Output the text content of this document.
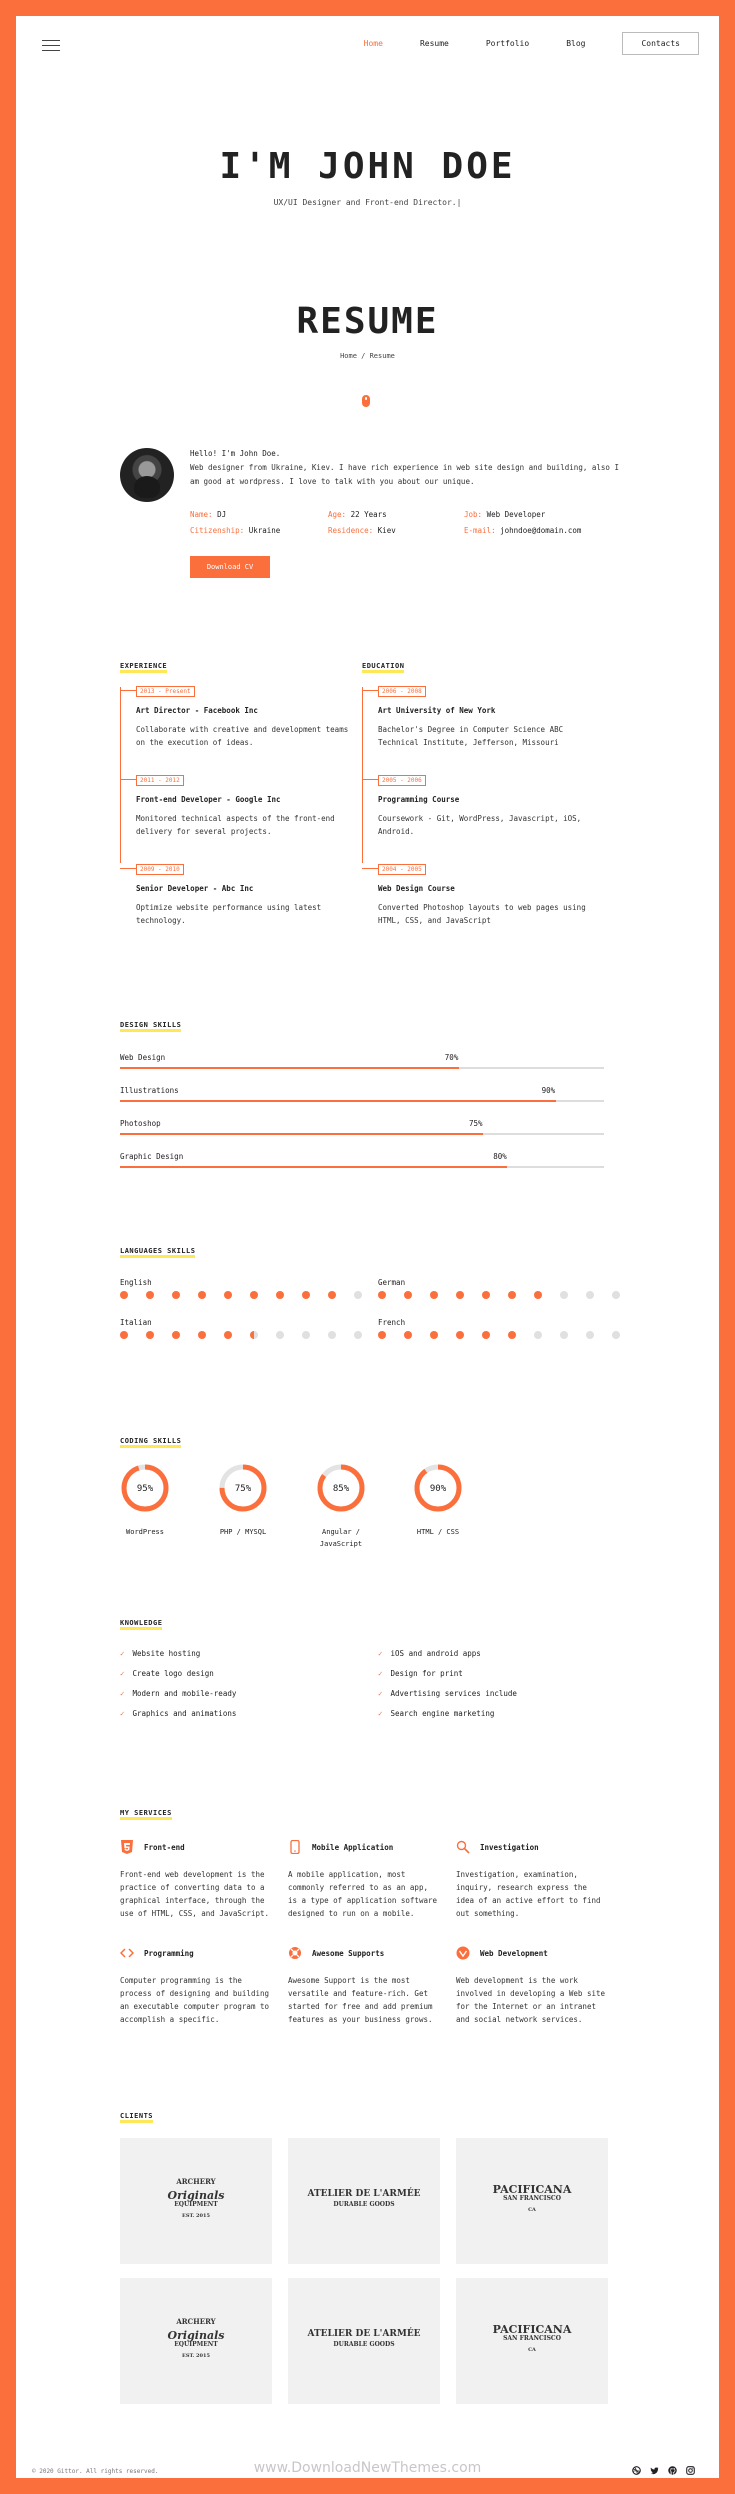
Home	Resume	Portfolio	Blog	Contacts
I'M JOHN DOE
UX/UI Designer and Front-end Director.|
RESUME
Home / Resume
Hello! I'm John Doe.
Web designer from Ukraine, Kiev. I have rich experience in web site design and building, also I am good at wordpress. I love to talk with you about our unique.
Name: DJ	Age: 22 Years	Job: Web Developer
Citizenship: Ukraine	Residence: Kiev	E-mail: johndoe@domain.com
Download CV
EXPERIENCE
2013 - Present
Art Director - Facebook Inc
Collaborate with creative and development teams on the execution of ideas.
2011 - 2012
Front-end Developer - Google Inc
Monitored technical aspects of the front-end delivery for several projects.
2009 - 2010
Senior Developer - Abc Inc
Optimize website performance using latest technology.
EDUCATION
2006 - 2008
Art University of New York
Bachelor's Degree in Computer Science ABC Technical Institute, Jefferson, Missouri
2005 - 2006
Programming Course
Coursework - Git, WordPress, Javascript, iOS, Android.
2004 - 2005
Web Design Course
Converted Photoshop layouts to web pages using HTML, CSS, and JavaScript
DESIGN SKILLS
Web Design	70%
Illustrations	90%
Photoshop	75%
Graphic Design	80%
LANGUAGES SKILLS
English	German
Italian	French
CODING SKILLS
95%
WordPress
75%
PHP / MYSQL
85%
Angular / JavaScript
90%
HTML / CSS
KNOWLEDGE
✓ Website hosting
✓ Create logo design
✓ Modern and mobile-ready
✓ Graphics and animations
✓ iOS and android apps
✓ Design for print
✓ Advertising services include
✓ Search engine marketing
MY SERVICES
Front-end
Front-end web development is the practice of converting data to a graphical interface, through the use of HTML, CSS, and JavaScript.
Mobile Application
A mobile application, most commonly referred to as an app, is a type of application software designed to run on a mobile.
Investigation
Investigation, examination, inquiry, research express the idea of an active effort to find out something.
Programming
Computer programming is the process of designing and building an executable computer program to accomplish a specific.
Awesome Supports
Awesome Support is the most versatile and feature-rich. Get started for free and add premium features as your business grows.
Web Development
Web development is the work involved in developing a Web site for the Internet or an intranet and social network services.
CLIENTS
ARCHERY
Originals
EQUIPMENT
EST. 2015
ATELIER DE L'ARMÉE
DURABLE GOODS
PACIFICANA
SAN FRANCISCO
CA
ARCHERY
Originals
EQUIPMENT
EST. 2015
ATELIER DE L'ARMÉE
DURABLE GOODS
PACIFICANA
SAN FRANCISCO
CA
© 2020 Gittor. All rights reserved.	www.DownloadNewThemes.com
